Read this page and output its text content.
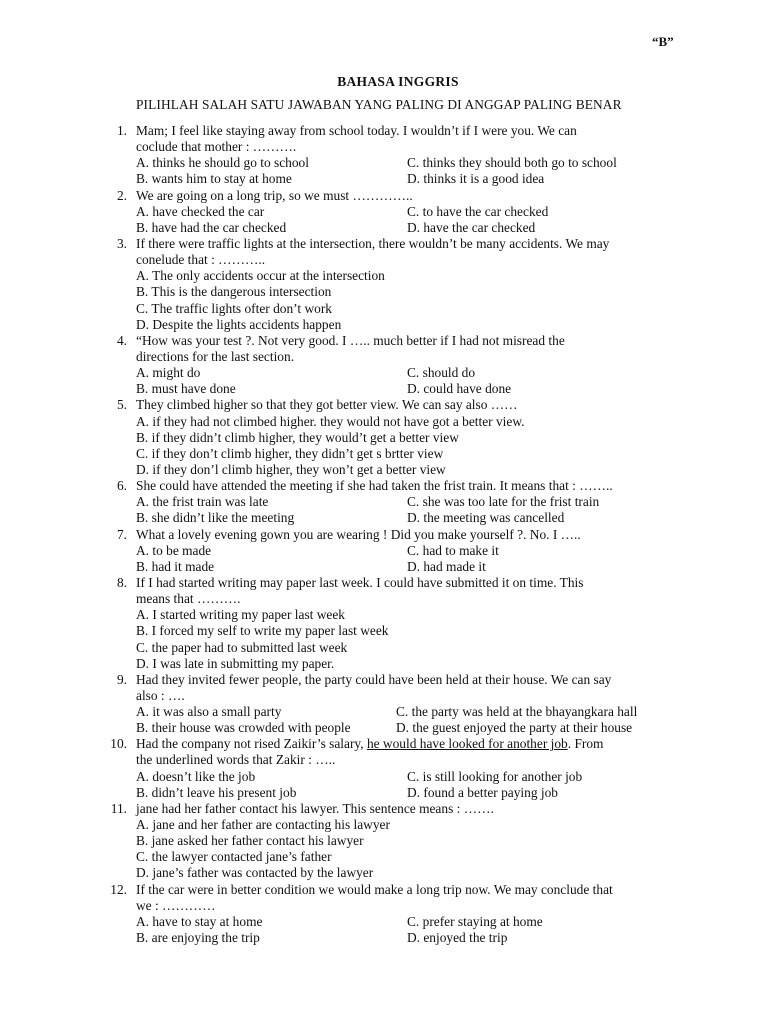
“B”
BAHASA INGGRIS
PILIHLAH SALAH SATU JAWABAN YANG PALING DI ANGGAP PALING BENAR
1. Mam; I feel like staying away from school today. I wouldn’t if I were you. We can
coclude that mother : ……….
A. thinks he should go to school	C. thinks they should both go to school
B. wants him to stay at home	D. thinks it is a good idea
2. We are going on a long trip, so we must …………..
A. have checked the car	C. to have the car checked
B. have had the car checked	D. have the car checked
3. If there were traffic lights at the intersection, there wouldn’t be many accidents. We may
conelude that : ………..
A. The only accidents occur at the intersection
B. This is the dangerous intersection
C. The traffic lights ofter don’t work
D. Despite the lights accidents happen
4. “How was your test ?. Not very good. I ….. much better if I had not misread the
directions for the last section.
A. might do	C. should do
B. must have done	D. could have done
5. They climbed higher so that they got better view. We can say also ……
A. if they had not climbed higher. they would not have got a better view.
B. if they didn’t climb higher, they would’t get a better view
C. if they don’t climb higher, they didn’t get s brtter view
D. if they don’l climb higher, they won’t get a better view
6. She could have attended the meeting if she had taken the frist train. It means that : ……..
A. the frist train was late	C. she was too late for the frist train
B. she didn’t like the meeting	D. the meeting was cancelled
7. What a lovely evening gown you are wearing ! Did you make yourself ?. No. I …..
A. to be made	C. had to make it
B. had it made	D. had made it
8. If I had started writing may paper last week. I could have submitted it on time. This
means that ……….
A. I started writing my paper last week
B. I forced my self to write my paper last week
C. the paper had to submitted last week
D. I was late in submitting my paper.
9. Had they invited fewer people, the party could have been held at their house. We can say
also : ….
A. it was also a small party	C. the party was held at the bhayangkara hall
B. their house was crowded with people	D. the guest enjoyed the party at their house
10. Had the company not rised Zaikir’s salary, he would have looked for another job. From
the underlined words that Zakir : …..
A. doesn’t like the job	C. is still looking for another job
B. didn’t leave his present job	D. found a better paying job
11. jane had her father contact his lawyer. This sentence means : …….
A. jane and her father are contacting his lawyer
B. jane asked her father contact his lawyer
C. the lawyer contacted jane’s father
D. jane’s father was contacted by the lawyer
12. If the car were in better condition we would make a long trip now. We may conclude that
we : …………
A. have to stay at home	C. prefer staying at home
B. are enjoying the trip	D. enjoyed the trip
